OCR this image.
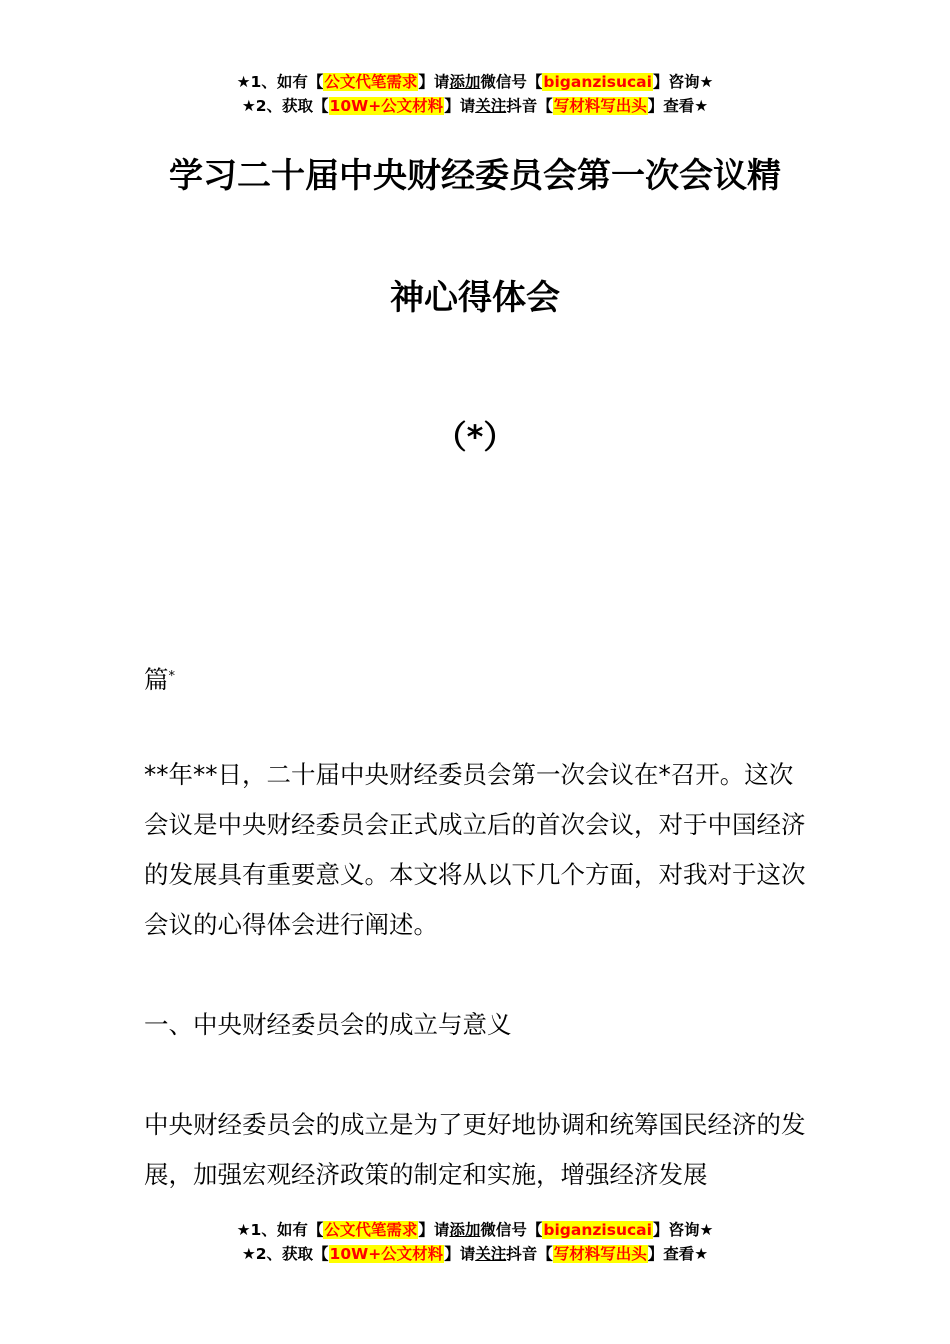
★1、如有【公文代笔需求】请添加微信号【biganzisucai】咨询★
★2、获取【10W+公文材料】请关注抖音【写材料写出头】查看★
学习二十届中央财经委员会第一次会议精
神心得体会
（*）
篇*
**年**日，二十届中央财经委员会第一次会议在*召开。这次会议是中央财经委员会正式成立后的首次会议，对于中国经济的发展具有重要意义。本文将从以下几个方面，对我对于这次会议的心得体会进行阐述。
一、中央财经委员会的成立与意义
中央财经委员会的成立是为了更好地协调和统筹国民经济的发展，加强宏观经济政策的制定和实施，增强经济发展
★1、如有【公文代笔需求】请添加微信号【biganzisucai】咨询★
★2、获取【10W+公文材料】请关注抖音【写材料写出头】查看★
